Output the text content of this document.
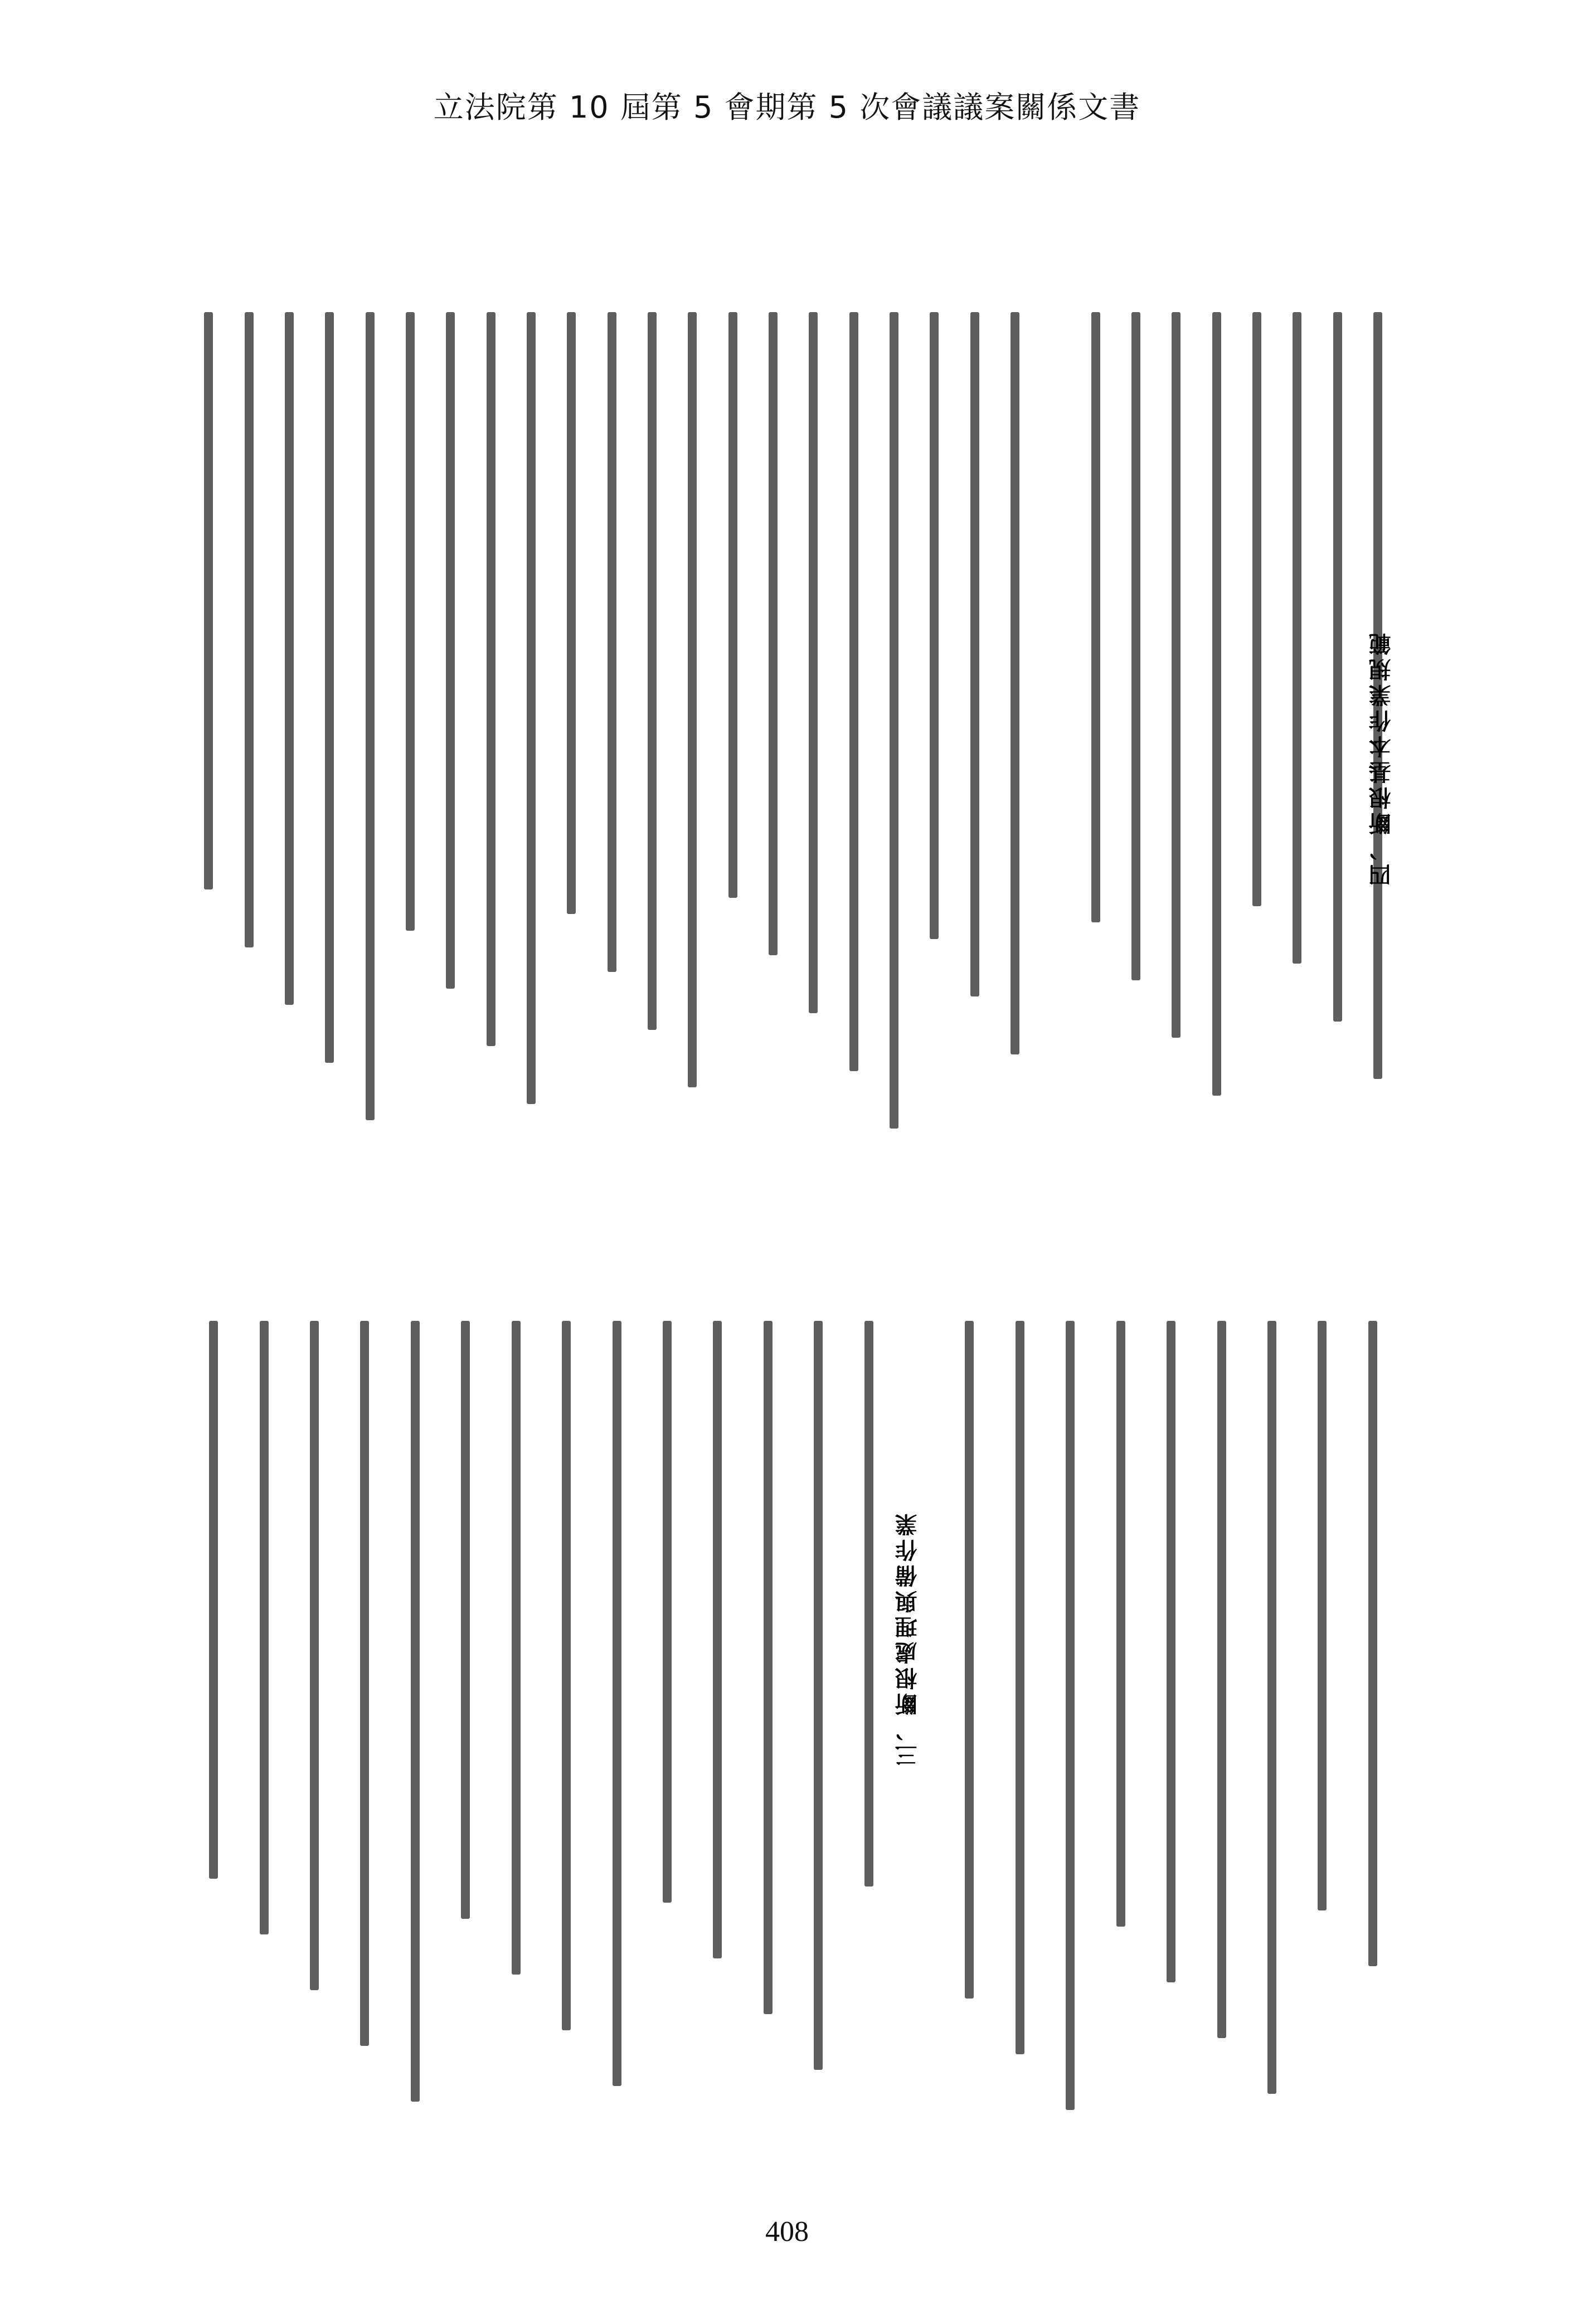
立法院第 10 屆第 5 會期第 5 次會議議案關係文書
四、斷根基本作業規範
三、斷根處理與備作業
408
